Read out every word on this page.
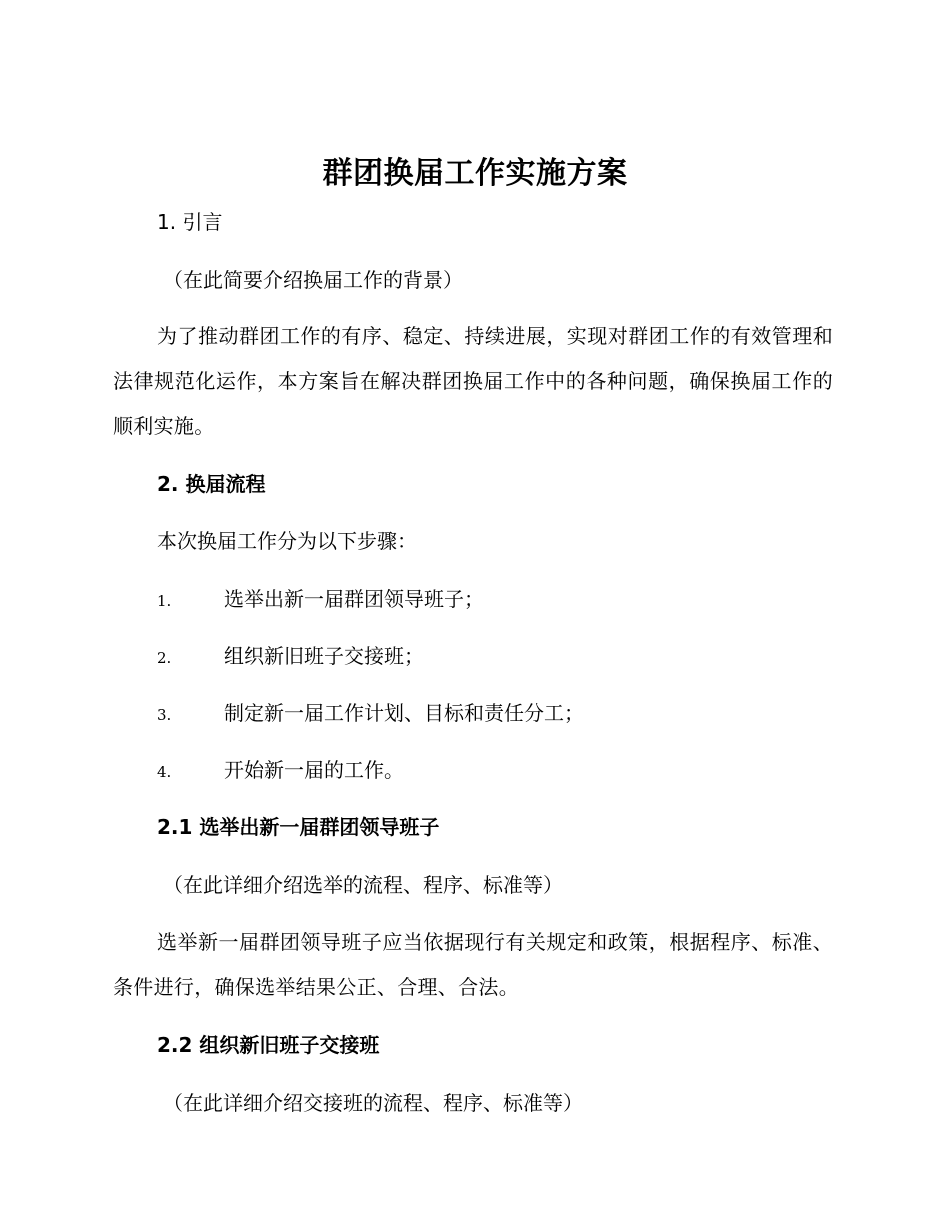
群团换届工作实施方案
1. 引言
（在此简要介绍换届工作的背景）
为了推动群团工作的有序、稳定、持续进展，实现对群团工作的有效管理和法律规范化运作，本方案旨在解决群团换届工作中的各种问题，确保换届工作的顺利实施。
2. 换届流程
本次换届工作分为以下步骤：
1.	选举出新一届群团领导班子；
2.	组织新旧班子交接班；
3.	制定新一届工作计划、目标和责任分工；
4.	开始新一届的工作。
2.1 选举出新一届群团领导班子
（在此详细介绍选举的流程、程序、标准等）
选举新一届群团领导班子应当依据现行有关规定和政策，根据程序、标准、条件进行，确保选举结果公正、合理、合法。
2.2 组织新旧班子交接班
（在此详细介绍交接班的流程、程序、标准等）
